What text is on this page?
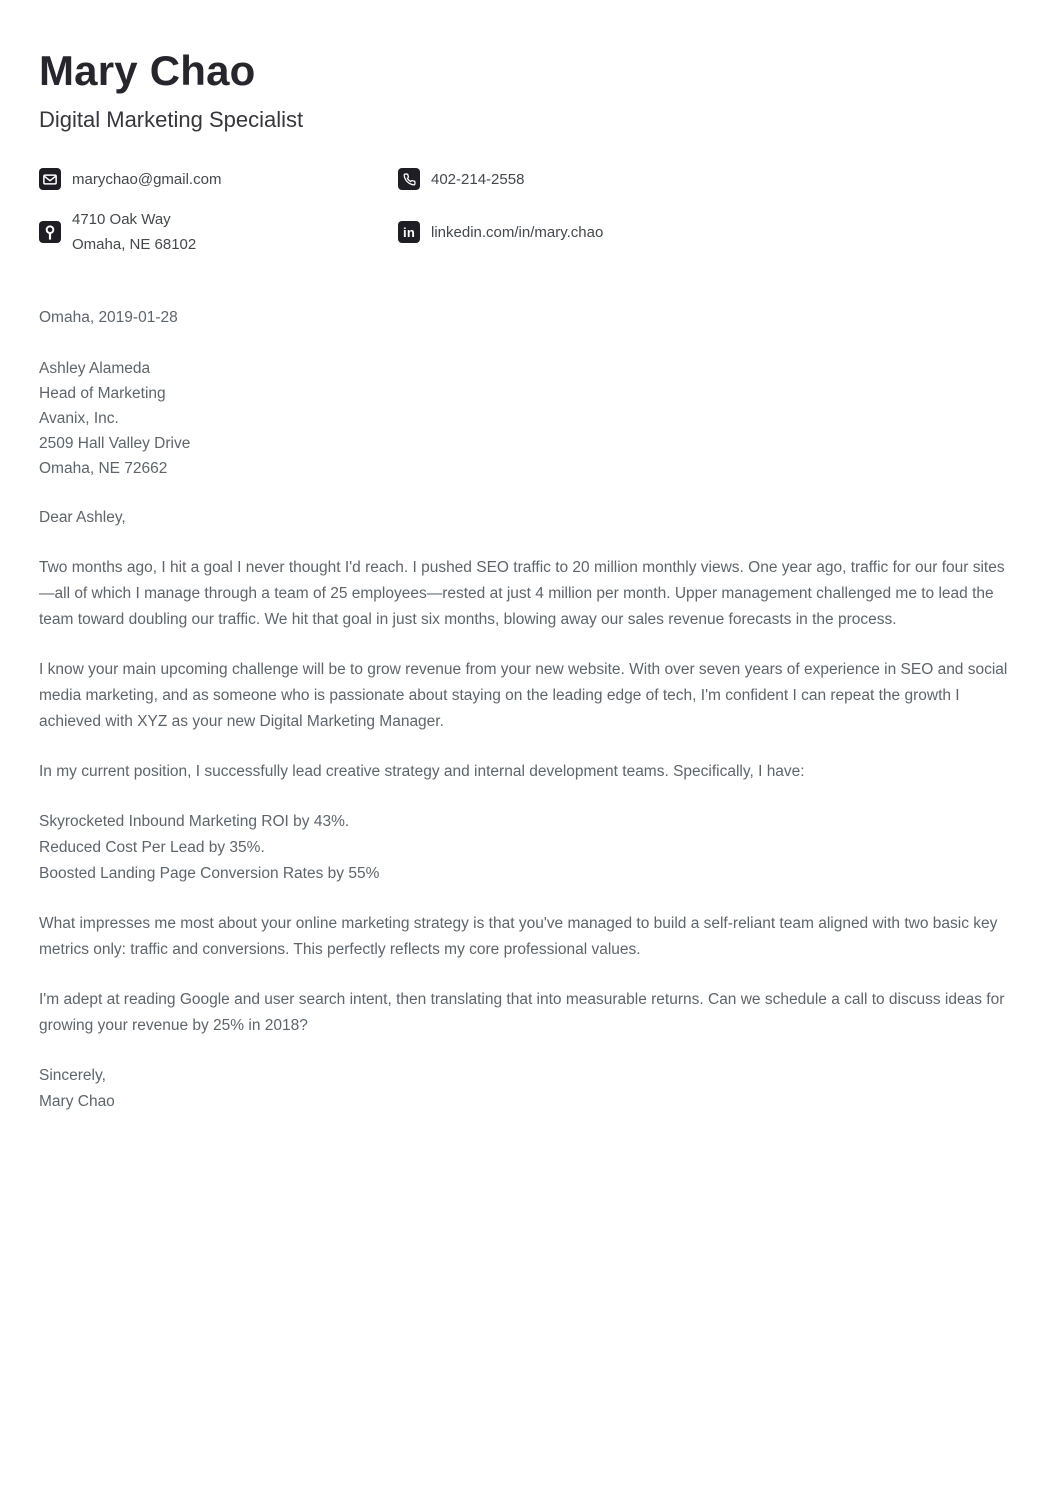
Mary Chao
Digital Marketing Specialist
marychao@gmail.com	402-214-2558
4710 Oak Way
Omaha, NE 68102
in linkedin.com/in/mary.chao
Omaha, 2019-01-28
Ashley Alameda
Head of Marketing
Avanix, Inc.
2509 Hall Valley Drive
Omaha, NE 72662
Dear Ashley,

Two months ago, I hit a goal I never thought I'd reach. I pushed SEO traffic to 20 million monthly views. One year ago, traffic for our four sites—all of which I manage through a team of 25 employees—rested at just 4 million per month. Upper management challenged me to lead the team toward doubling our traffic. We hit that goal in just six months, blowing away our sales revenue forecasts in the process.

I know your main upcoming challenge will be to grow revenue from your new website. With over seven years of experience in SEO and social media marketing, and as someone who is passionate about staying on the leading edge of tech, I'm confident I can repeat the growth I achieved with XYZ as your new Digital Marketing Manager.

In my current position, I successfully lead creative strategy and internal development teams. Specifically, I have:

Skyrocketed Inbound Marketing ROI by 43%.
Reduced Cost Per Lead by 35%.
Boosted Landing Page Conversion Rates by 55%

What impresses me most about your online marketing strategy is that you've managed to build a self-reliant team aligned with two basic key metrics only: traffic and conversions. This perfectly reflects my core professional values.

I'm adept at reading Google and user search intent, then translating that into measurable returns. Can we schedule a call to discuss ideas for growing your revenue by 25% in 2018?

Sincerely,
Mary Chao
